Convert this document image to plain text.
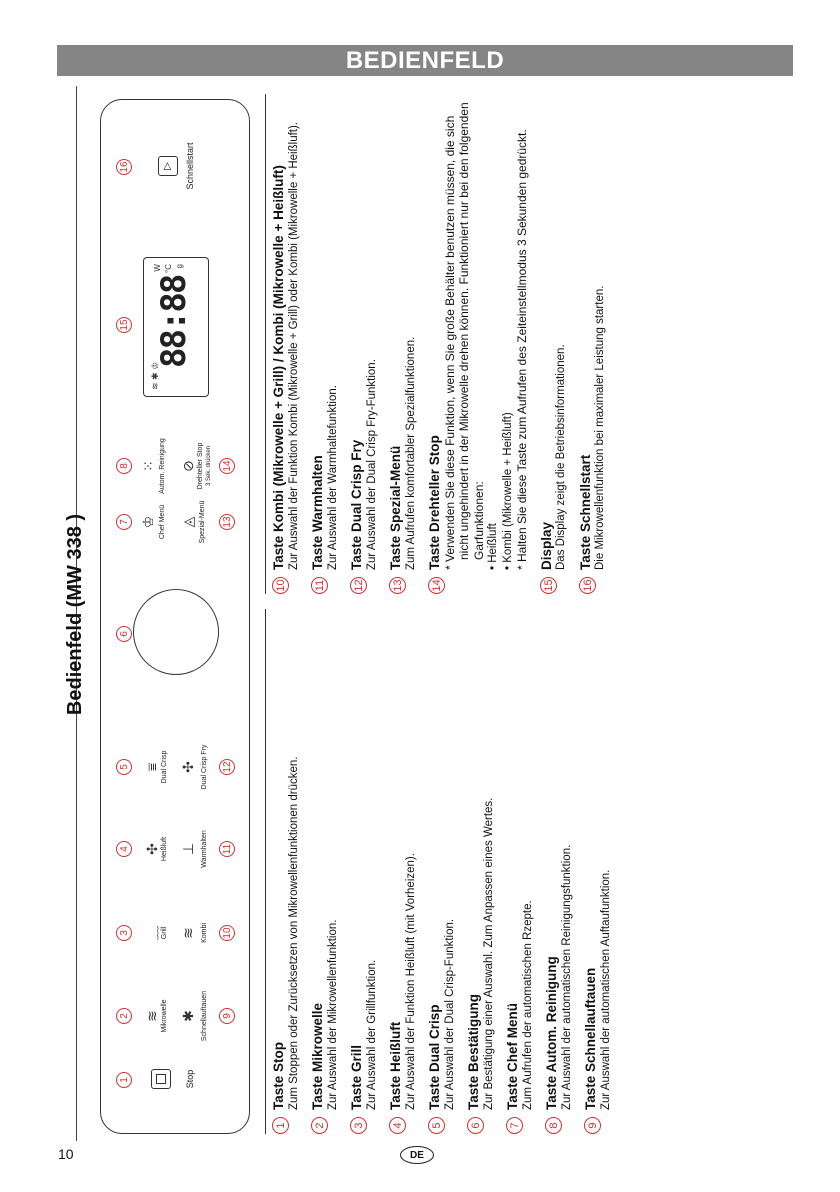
BEDIENFELD
10	DE
Bedienfeld (MW 338 )
1
2
3
4
5
6
7
8
15
16
9
10
11
12
13
14
Stop
≋ Mikrowelle
﹏ Grill
✣ Heißluft
⩸ Dual Crisp
✱ Schnellauftauen
≋ Kombi
⊥ Warmhalten
✣ Dual Crisp Fry
♔ Chef Menü
⁙ Autom. Reinigung
◬ Spezial-Menü
⊘ Drehteller Stop 3 Sek. drücken
≋ ✱ ♔
88:88
W °C g
▷	Schnellstart
1
Taste Stop Zum Stoppen oder Zurücksetzen von Mikrowellenfunktionen drücken.
2
Taste Mikrowelle Zur Auswahl der Mikrowellenfunktion.
3
Taste Grill Zur Auswahl der Grillfunktion.
4
Taste Heißluft Zur Auswahl der Funktion Heißluft (mit Vorheizen).
5
Taste Dual Crisp Zur Auswahl der Dual Crisp-Funktion.
6
Taste Bestätigung Zur Bestätigung einer Auswahl. Zum Anpassen eines Wertes.
7
Taste Chef Menü Zum Aufrufen der automatischen Rzepte.
8
Taste Autom. Reinigung Zur Auswahl der automatischen Reinigungsfunktion.
9
Taste Schnellauftauen Zur Auswahl der automatischen Auftaufunktion.
10
Taste Kombi (Mikrowelle + Grill) / Kombi (Mikrowelle + Heißluft) Zur Auswahl der Funktion Kombi (Mikrowelle + Grill) oder Kombi (Mikrowelle + Heißluft).
11
Taste Warmhalten Zur Auswahl der Warmhaltefunktion.
12
Taste Dual Crisp Fry Zur Auswahl der Dual Crisp Fry-Funktion.
13
Taste Spezial-Menü Zum Aufrufen komfortabler Spezialfunktionen.
14
Taste Drehteller Stop * Verwenden Sie diese Funktion, wenn Sie große Behälter benutzen müssen, die sich nicht ungehindert in der Mikrowelle drehen können. Funktioniert nur bei den folgenden Garfunktionen: • Heißluft • Kombi (Mikrowelle + Heißluft) * Halten Sie diese Taste zum Aufrufen des Zeiteinstellmodus 3 Sekunden gedrückt.
15
Display Das Display zeigt die Betriebsinformationen.
16
Taste Schnellstart Die Mikrowellenfunktion bei maximaler Leistung starten.
